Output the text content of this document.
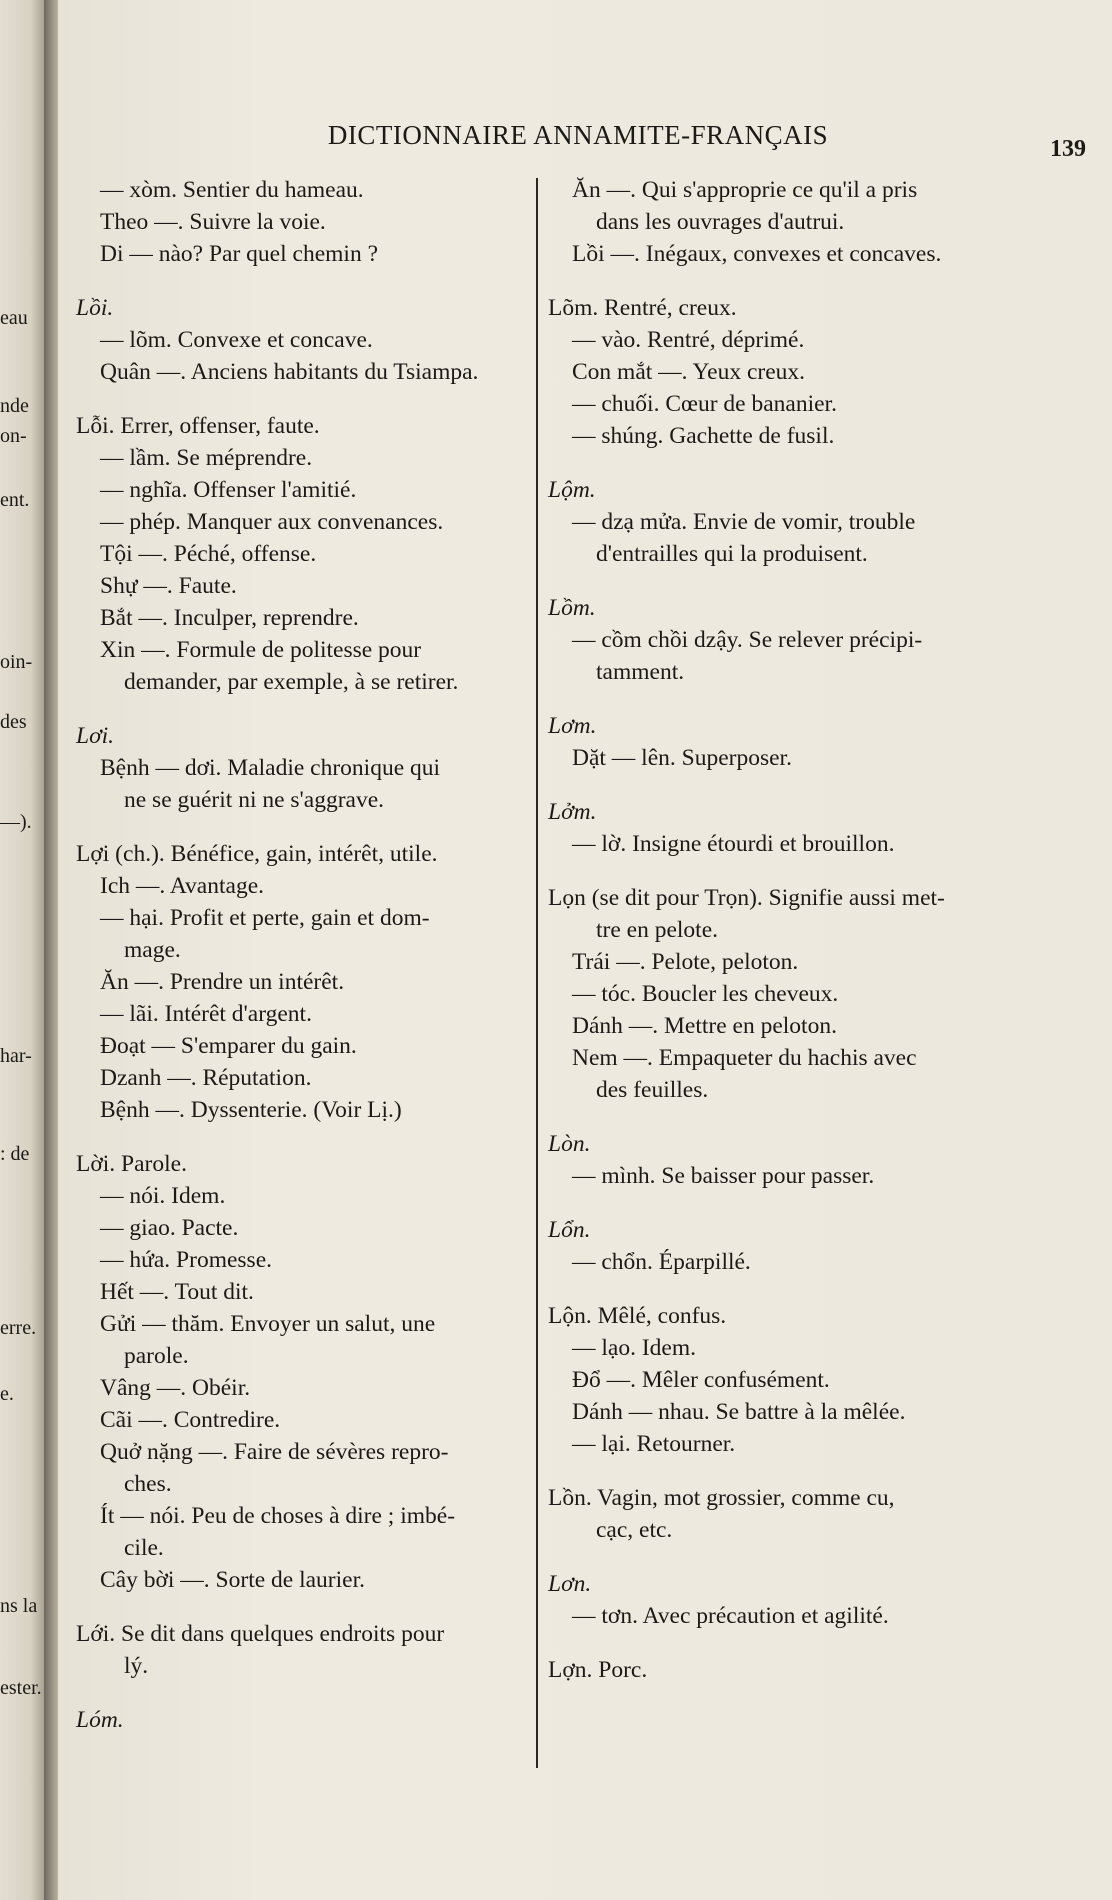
eau
nde
on-
ent.
oin-
des
—).
har-
: de
erre.
e.
ns la
ester.
DICTIONNAIRE ANNAMITE-FRANÇAIS	139
— xòm. Sentier du hameau.
Theo —. Suivre la voie.
Di — nào? Par quel chemin ?
Lồi.
— lõm. Convexe et concave.
Quân —. Anciens habitants du Tsiampa.
Lỗi. Errer, offenser, faute.
— lầm. Se méprendre.
— nghĩa. Offenser l'amitié.
— phép. Manquer aux convenances.
Tội —. Péché, offense.
Shự —. Faute.
Bắt —. Inculper, reprendre.
Xin —. Formule de politesse pour
demander, par exemple, à se retirer.
Lơi.
Bệnh — dơi. Maladie chronique qui
ne se guérit ni ne s'aggrave.
Lợi (ch.). Bénéfice, gain, intérêt, utile.
Ich —. Avantage.
— hại. Profit et perte, gain et dom-
mage.
Ăn —. Prendre un intérêt.
— lãi. Intérêt d'argent.
Đoạt — S'emparer du gain.
Dzanh —. Réputation.
Bệnh —. Dyssenterie. (Voir Lị.)
Lời. Parole.
— nói. Idem.
— giao. Pacte.
— hứa. Promesse.
Hết —. Tout dit.
Gửi — thăm. Envoyer un salut, une
parole.
Vâng —. Obéir.
Cãi —. Contredire.
Quở nặng —. Faire de sévères repro-
ches.
Ít — nói. Peu de choses à dire ; imbé-
cile.
Cây bời —. Sorte de laurier.
Lới. Se dit dans quelques endroits pour
lý.
Lóm.
Ăn —. Qui s'approprie ce qu'il a pris
dans les ouvrages d'autrui.
Lồi —. Inégaux, convexes et concaves.
Lõm. Rentré, creux.
— vào. Rentré, déprimé.
Con mắt —. Yeux creux.
— chuối. Cœur de bananier.
— shúng. Gachette de fusil.
Lộm.
— dzạ mửa. Envie de vomir, trouble
d'entrailles qui la produisent.
Lồm.
— cồm chồi dzậy. Se relever précipi-
tamment.
Lơm.
Dặt — lên. Superposer.
Lởm.
— lờ. Insigne étourdi et brouillon.
Lọn (se dit pour Trọn). Signifie aussi met-
tre en pelote.
Trái —. Pelote, peloton.
— tóc. Boucler les cheveux.
Dánh —. Mettre en peloton.
Nem —. Empaqueter du hachis avec
des feuilles.
Lòn.
— mình. Se baisser pour passer.
Lổn.
— chổn. Éparpillé.
Lộn. Mêlé, confus.
— lạo. Idem.
Đổ —. Mêler confusément.
Dánh — nhau. Se battre à la mêlée.
— lại. Retourner.
Lồn. Vagin, mot grossier, comme cu,
cạc, etc.
Lơn.
— tơn. Avec précaution et agilité.
Lợn. Porc.
